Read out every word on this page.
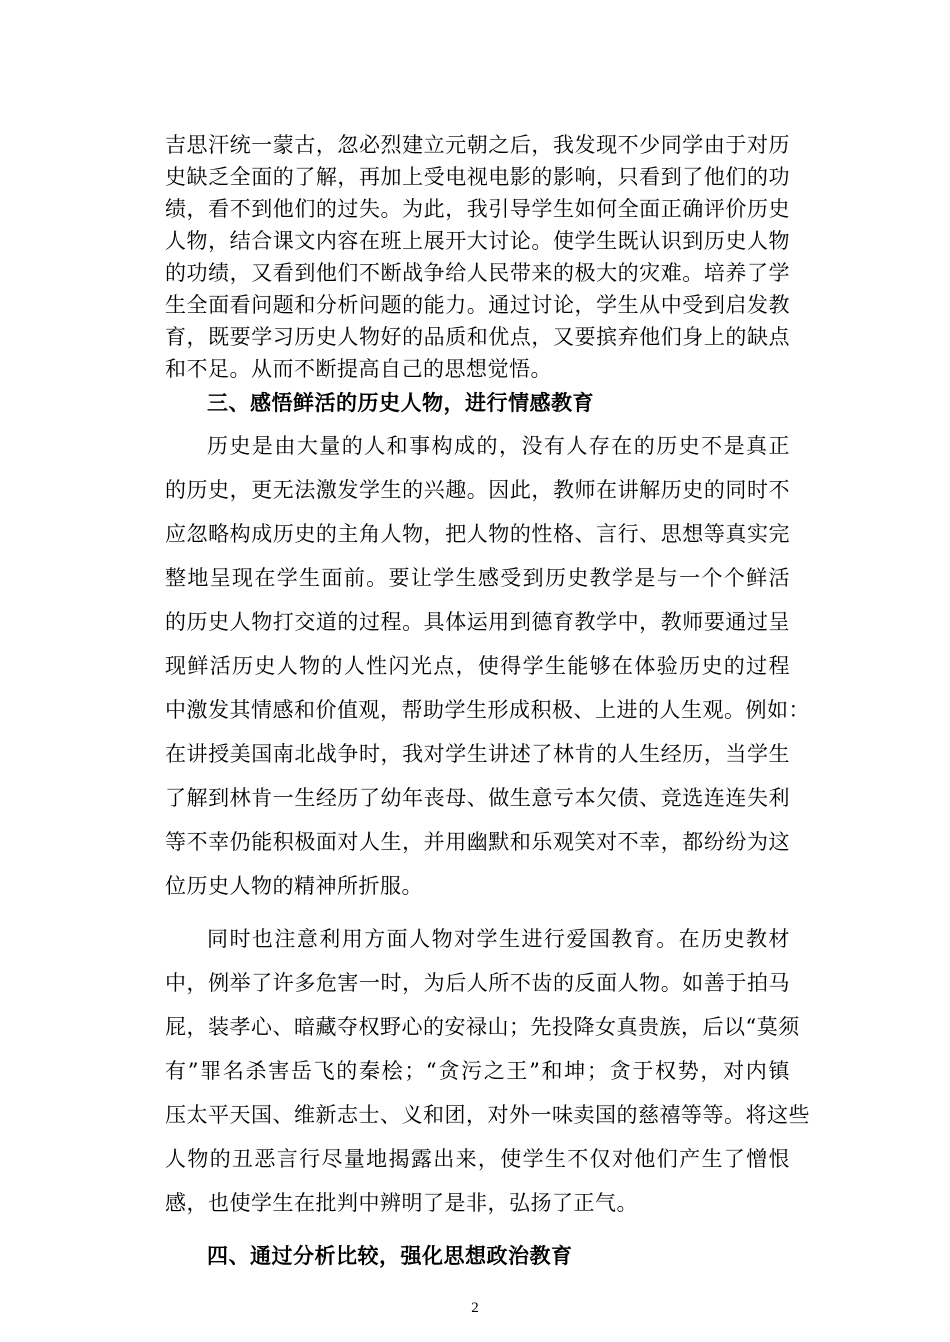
吉思汗统一蒙古，忽必烈建立元朝之后，我发现不少同学由于对历
史缺乏全面的了解，再加上受电视电影的影响，只看到了他们的功
绩，看不到他们的过失。为此，我引导学生如何全面正确评价历史
人物，结合课文内容在班上展开大讨论。使学生既认识到历史人物
的功绩，又看到他们不断战争给人民带来的极大的灾难。培养了学
生全面看问题和分析问题的能力。通过讨论，学生从中受到启发教
育，既要学习历史人物好的品质和优点，又要摈弃他们身上的缺点
和不足。从而不断提高自己的思想觉悟。
三、感悟鲜活的历史人物，进行情感教育
历史是由大量的人和事构成的，没有人存在的历史不是真正
的历史，更无法激发学生的兴趣。因此，教师在讲解历史的同时不
应忽略构成历史的主角人物，把人物的性格、言行、思想等真实完
整地呈现在学生面前。要让学生感受到历史教学是与一个个鲜活
的历史人物打交道的过程。具体运用到德育教学中，教师要通过呈
现鲜活历史人物的人性闪光点，使得学生能够在体验历史的过程
中激发其情感和价值观，帮助学生形成积极、上进的人生观。例如：
在讲授美国南北战争时，我对学生讲述了林肯的人生经历，当学生
了解到林肯一生经历了幼年丧母、做生意亏本欠债、竞选连连失利
等不幸仍能积极面对人生，并用幽默和乐观笑对不幸，都纷纷为这
位历史人物的精神所折服。
同时也注意利用方面人物对学生进行爱国教育。在历史教材
中，例举了许多危害一时，为后人所不齿的反面人物。如善于拍马
屁，装孝心、暗藏夺权野心的安禄山；先投降女真贵族，后以“莫须
有”罪名杀害岳飞的秦桧；“贪污之王”和坤；贪于权势，对内镇
压太平天国、维新志士、义和团，对外一味卖国的慈禧等等。将这些
人物的丑恶言行尽量地揭露出来，使学生不仅对他们产生了憎恨
感，也使学生在批判中辨明了是非，弘扬了正气。
四、通过分析比较，强化思想政治教育
2
